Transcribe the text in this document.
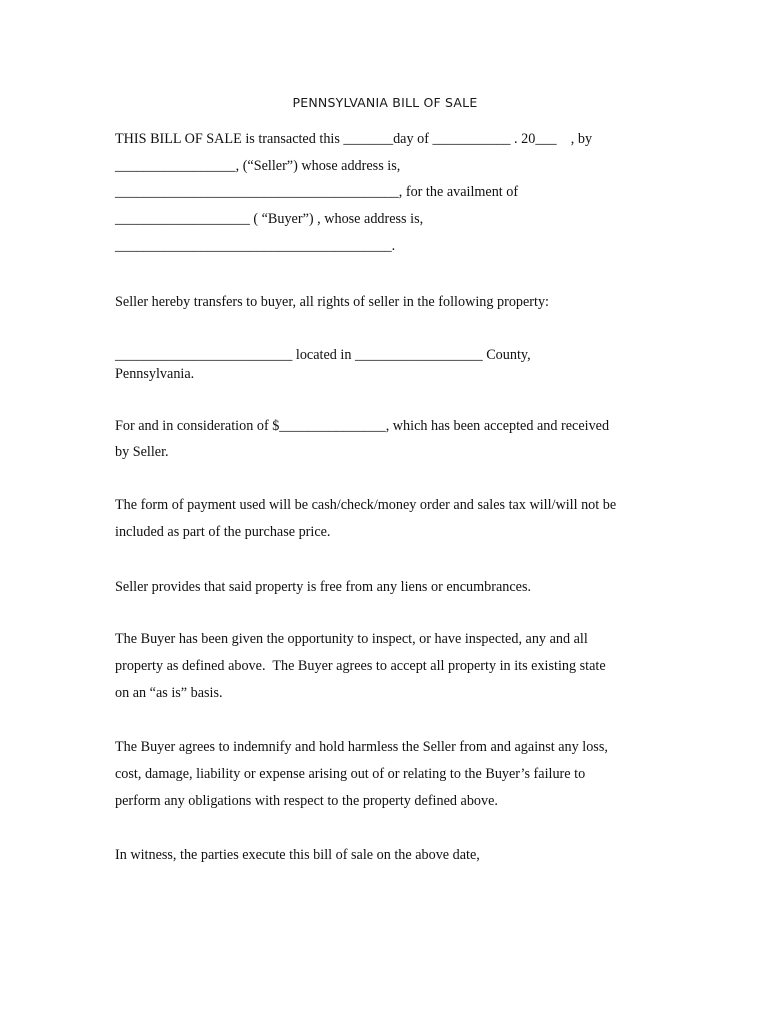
PENNSYLVANIA BILL OF SALE
THIS BILL OF SALE is transacted this _______day of ___________ . 20___    , by
_________________, (“Seller”) whose address is,
________________________________________, for the availment of
___________________ ( “Buyer”) , whose address is,
_______________________________________.
Seller hereby transfers to buyer, all rights of seller in the following property:
_________________________ located in __________________ County,
Pennsylvania.
For and in consideration of $_______________, which has been accepted and received
by Seller.
The form of payment used will be cash/check/money order and sales tax will/will not be
included as part of the purchase price.
Seller provides that said property is free from any liens or encumbrances.
The Buyer has been given the opportunity to inspect, or have inspected, any and all
property as defined above.  The Buyer agrees to accept all property in its existing state
on an “as is” basis.
The Buyer agrees to indemnify and hold harmless the Seller from and against any loss,
cost, damage, liability or expense arising out of or relating to the Buyer’s failure to
perform any obligations with respect to the property defined above.
In witness, the parties execute this bill of sale on the above date,
